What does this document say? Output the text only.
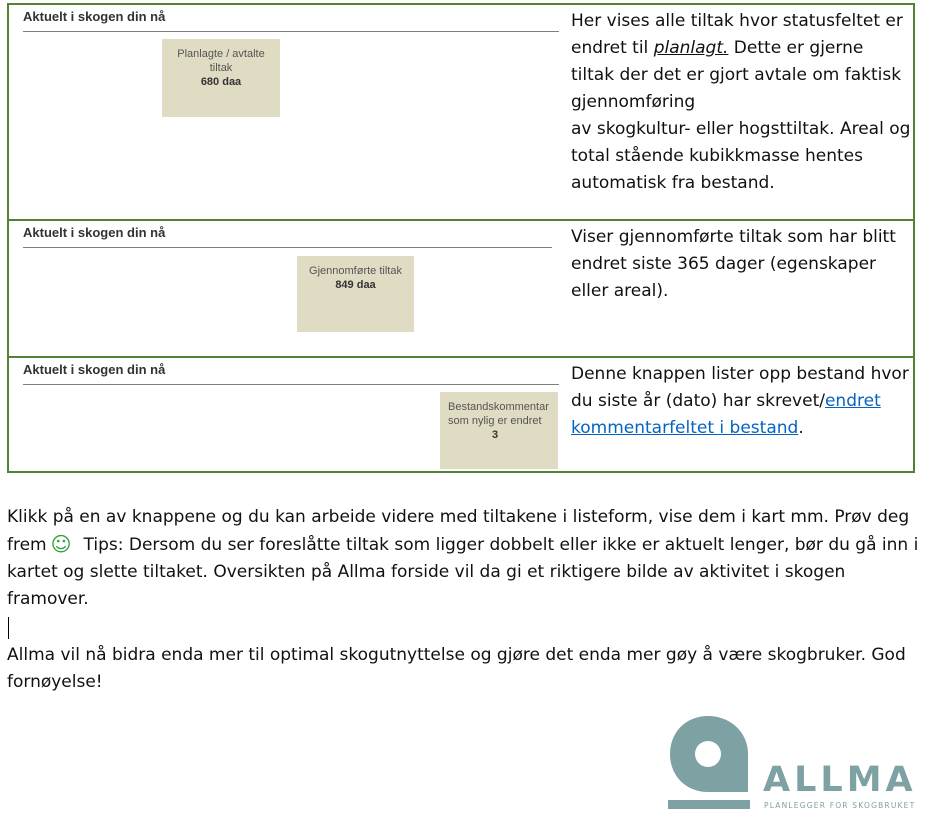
Aktuelt i skogen din nå
Planlagte / avtalte
tiltak
680 daa
Her vises alle tiltak hvor statusfeltet er endret til planlagt. Dette er gjerne tiltak der det er gjort avtale om faktisk gjennomføring
av skogkultur- eller hogsttiltak. Areal og total stående kubikkmasse hentes automatisk fra bestand.
Aktuelt i skogen din nå
Gjennomførte tiltak
849 daa
Viser gjennomførte tiltak som har blitt endret siste 365 dager (egenskaper eller areal).
Aktuelt i skogen din nå
Bestandskommentar
som nylig er endret
3
Denne knappen lister opp bestand hvor du siste år (dato) har skrevet/endret kommentarfeltet i bestand.
Klikk på en av knappene og du kan arbeide videre med tiltakene i listeform, vise dem i kart mm. Prøv deg frem ☺ Tips: Dersom du ser foreslåtte tiltak som ligger dobbelt eller ikke er aktuelt lenger, bør du gå inn i kartet og slette tiltaket. Oversikten på Allma forside vil da gi et riktigere bilde av aktivitet i skogen framover.
Allma vil nå bidra enda mer til optimal skogutnyttelse og gjøre det enda mer gøy å være skogbruker. God fornøyelse!
ALLMA
PLANLEGGER FOR SKOGBRUKET
